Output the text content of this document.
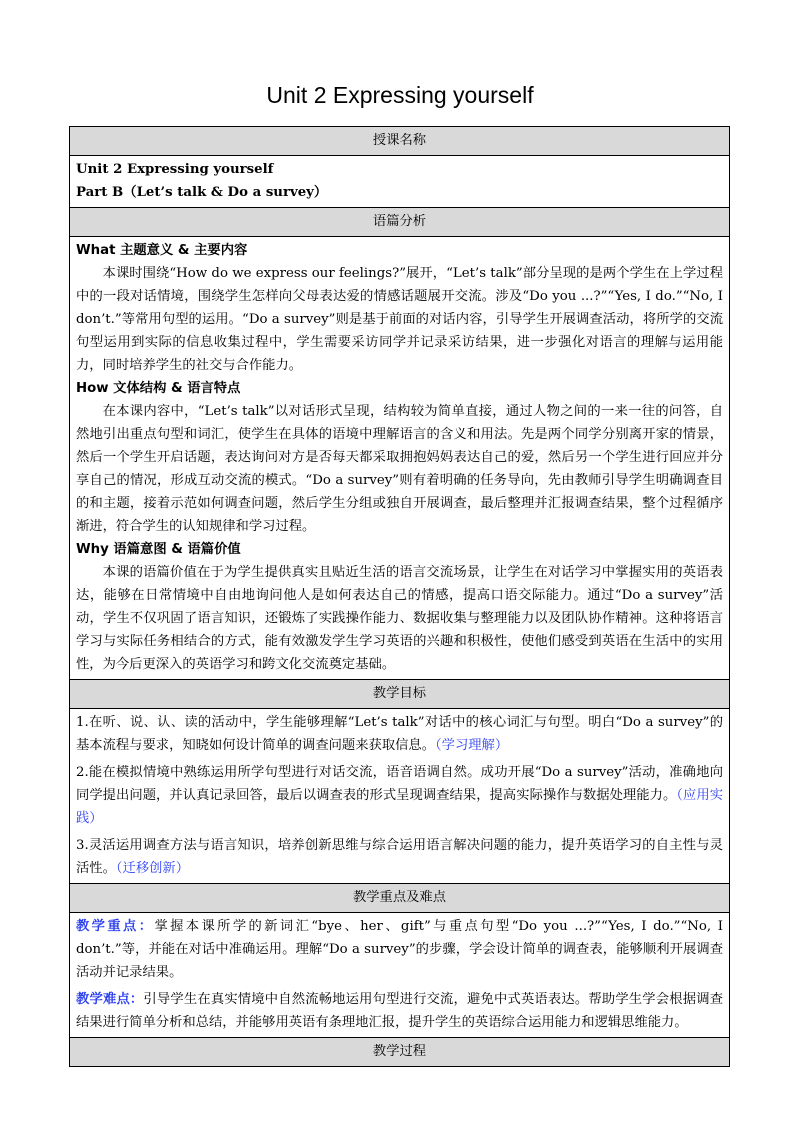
Unit 2 Expressing yourself
授课名称

Unit 2 Expressing yourself
Part B（Let’s talk & Do a survey）

语篇分析

What 主题意义 & 主要内容

本课时围绕“How do we express our feelings?”展开，“Let’s talk”部分呈现的是两个学生在上学过程中的一段对话情境，围绕学生怎样向父母表达爱的情感话题展开交流。涉及“Do you ...?”“Yes, I do.”“No, I don’t.”等常用句型的运用。“Do a survey”则是基于前面的对话内容，引导学生开展调查活动，将所学的交流句型运用到实际的信息收集过程中，学生需要采访同学并记录采访结果，进一步强化对语言的理解与运用能力，同时培养学生的社交与合作能力。

How 文体结构 & 语言特点

在本课内容中，“Let’s talk”以对话形式呈现，结构较为简单直接，通过人物之间的一来一往的问答，自然地引出重点句型和词汇，使学生在具体的语境中理解语言的含义和用法。先是两个同学分别离开家的情景，然后一个学生开启话题，表达询问对方是否每天都采取拥抱妈妈表达自己的爱，然后另一个学生进行回应并分享自己的情况，形成互动交流的模式。“Do a survey”则有着明确的任务导向，先由教师引导学生明确调查目的和主题，接着示范如何调查问题，然后学生分组或独自开展调查，最后整理并汇报调查结果，整个过程循序渐进，符合学生的认知规律和学习过程。

Why 语篇意图 & 语篇价值

本课的语篇价值在于为学生提供真实且贴近生活的语言交流场景，让学生在对话学习中掌握实用的英语表达，能够在日常情境中自由地询问他人是如何表达自己的情感，提高口语交际能力。通过“Do a survey”活动，学生不仅巩固了语言知识，还锻炼了实践操作能力、数据收集与整理能力以及团队协作精神。这种将语言学习与实际任务相结合的方式，能有效激发学生学习英语的兴趣和积极性，使他们感受到英语在生活中的实用性，为今后更深入的英语学习和跨文化交流奠定基础。

教学目标

1.在听、说、认、读的活动中，学生能够理解“Let’s talk”对话中的核心词汇与句型。明白“Do a survey”的基本流程与要求，知晓如何设计简单的调查问题来获取信息。（学习理解）

2.能在模拟情境中熟练运用所学句型进行对话交流，语音语调自然。成功开展“Do a survey”活动，准确地向同学提出问题，并认真记录回答，最后以调查表的形式呈现调查结果，提高实际操作与数据处理能力。（应用实践）

3.灵活运用调查方法与语言知识，培养创新思维与综合运用语言解决问题的能力，提升英语学习的自主性与灵活性。（迁移创新）

教学重点及难点

教学重点：掌握本课所学的新词汇“bye、her、gift”与重点句型“Do you ...?”“Yes, I do.”“No, I don’t.”等，并能在对话中准确运用。理解“Do a survey”的步骤，学会设计简单的调查表，能够顺利开展调查活动并记录结果。

教学难点：引导学生在真实情境中自然流畅地运用句型进行交流，避免中式英语表达。帮助学生学会根据调查结果进行简单分析和总结，并能够用英语有条理地汇报，提升学生的英语综合运用能力和逻辑思维能力。

教学过程
